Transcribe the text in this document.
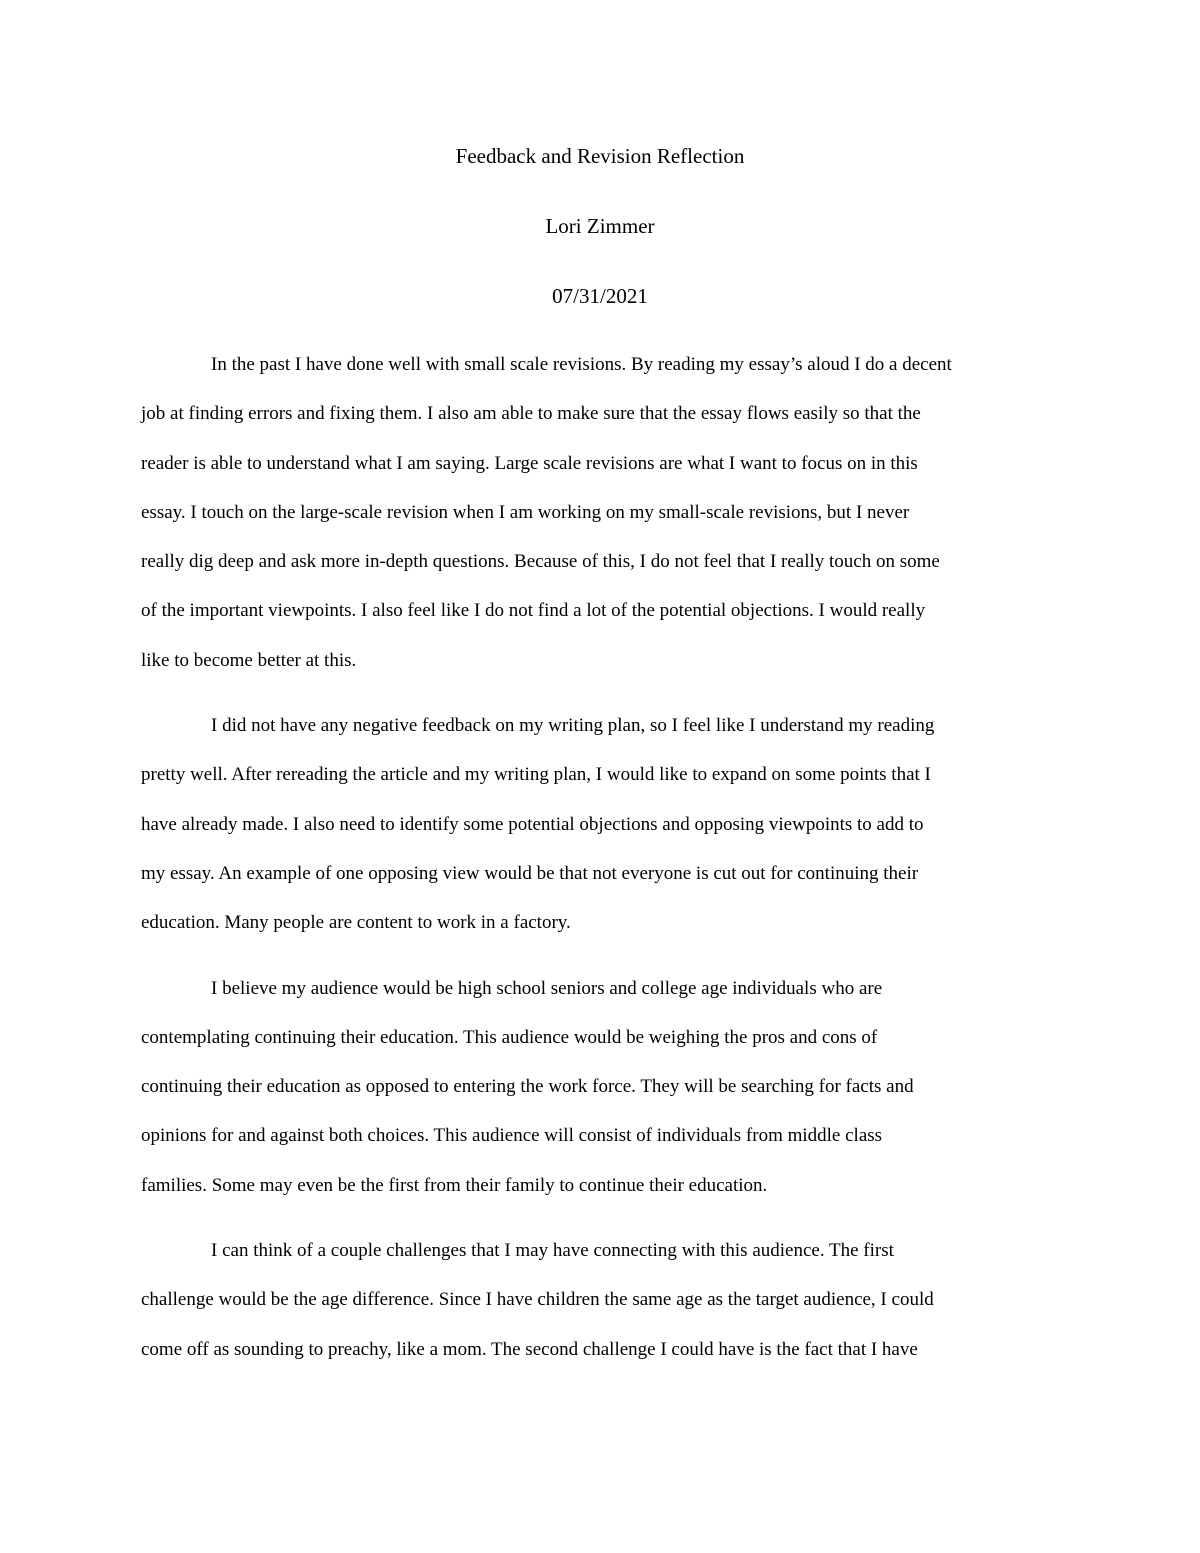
Feedback and Revision Reflection
Lori Zimmer
07/31/2021
In the past I have done well with small scale revisions. By reading my essay’s aloud I do a decent
job at finding errors and fixing them. I also am able to make sure that the essay flows easily so that the
reader is able to understand what I am saying. Large scale revisions are what I want to focus on in this
essay. I touch on the large-scale revision when I am working on my small-scale revisions, but I never
really dig deep and ask more in-depth questions. Because of this, I do not feel that I really touch on some
of the important viewpoints. I also feel like I do not find a lot of the potential objections. I would really
like to become better at this.
I did not have any negative feedback on my writing plan, so I feel like I understand my reading
pretty well. After rereading the article and my writing plan, I would like to expand on some points that I
have already made. I also need to identify some potential objections and opposing viewpoints to add to
my essay. An example of one opposing view would be that not everyone is cut out for continuing their
education. Many people are content to work in a factory.
I believe my audience would be high school seniors and college age individuals who are
contemplating continuing their education. This audience would be weighing the pros and cons of
continuing their education as opposed to entering the work force. They will be searching for facts and
opinions for and against both choices. This audience will consist of individuals from middle class
families. Some may even be the first from their family to continue their education.
I can think of a couple challenges that I may have connecting with this audience. The first
challenge would be the age difference. Since I have children the same age as the target audience, I could
come off as sounding to preachy, like a mom. The second challenge I could have is the fact that I have
